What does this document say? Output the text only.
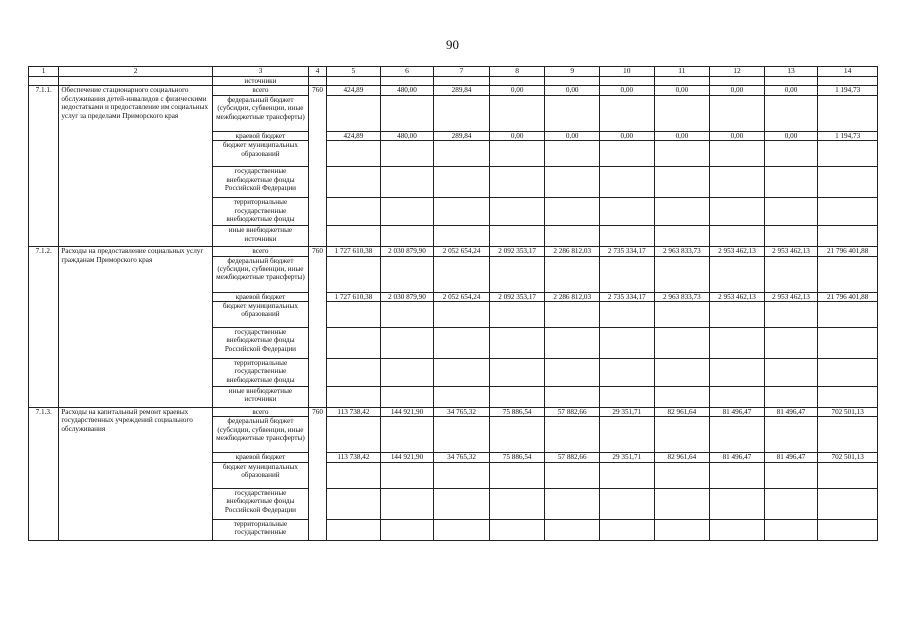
90
1	2	3	4	5	6	7	8	9	10	11	12	13	14
		источники											
7.1.1.	Обеспечение стационарного социального обслуживания детей-инвалидов с физическими недостатками и предоставление им социальных услуг за пределами Приморского края	всего	760	424,89	480,00	289,84	0,00	0,00	0,00	0,00	0,00	0,00	1 194,73
		федеральный бюджет (субсидии, субвенции, иные межбюджетные трансферты)											
		краевой бюджет		424,89	480,00	289,84	0,00	0,00	0,00	0,00	0,00	0,00	1 194,73
		бюджет муниципальных образований											
		государственные внебюджетные фонды Российской Федерации											
		территориальные государственные внебюджетные фонды											
		иные внебюджетные источники											
7.1.2.	Расходы на предоставление социальных услуг гражданам Приморского края	всего	760	1 727 610,38	2 030 879,90	2 052 654,24	2 092 353,17	2 286 812,03	2 735 334,17	2 963 833,73	2 953 462,13	2 953 462,13	21 796 401,88
		федеральный бюджет (субсидии, субвенции, иные межбюджетные трансферты)											
		краевой бюджет		1 727 610,38	2 030 879,90	2 052 654,24	2 092 353,17	2 286 812,03	2 735 334,17	2 963 833,73	2 953 462,13	2 953 462,13	21 796 401,88
		бюджет муниципальных образований											
		государственные внебюджетные фонды Российской Федерации											
		территориальные государственные внебюджетные фонды											
		иные внебюджетные источники											
7.1.3.	Расходы на капитальный ремонт краевых государственных учреждений социального обслуживания	всего	760	113 738,42	144 921,90	34 765,32	75 886,54	57 882,66	29 351,71	82 961,64	81 496,47	81 496,47	702 501,13
		федеральный бюджет (субсидии, субвенции, иные межбюджетные трансферты)											
		краевой бюджет		113 738,42	144 921,90	34 765,32	75 886,54	57 882,66	29 351,71	82 961,64	81 496,47	81 496,47	702 501,13
		бюджет муниципальных образований											
		государственные внебюджетные фонды Российской Федерации											
		территориальные государственные											
